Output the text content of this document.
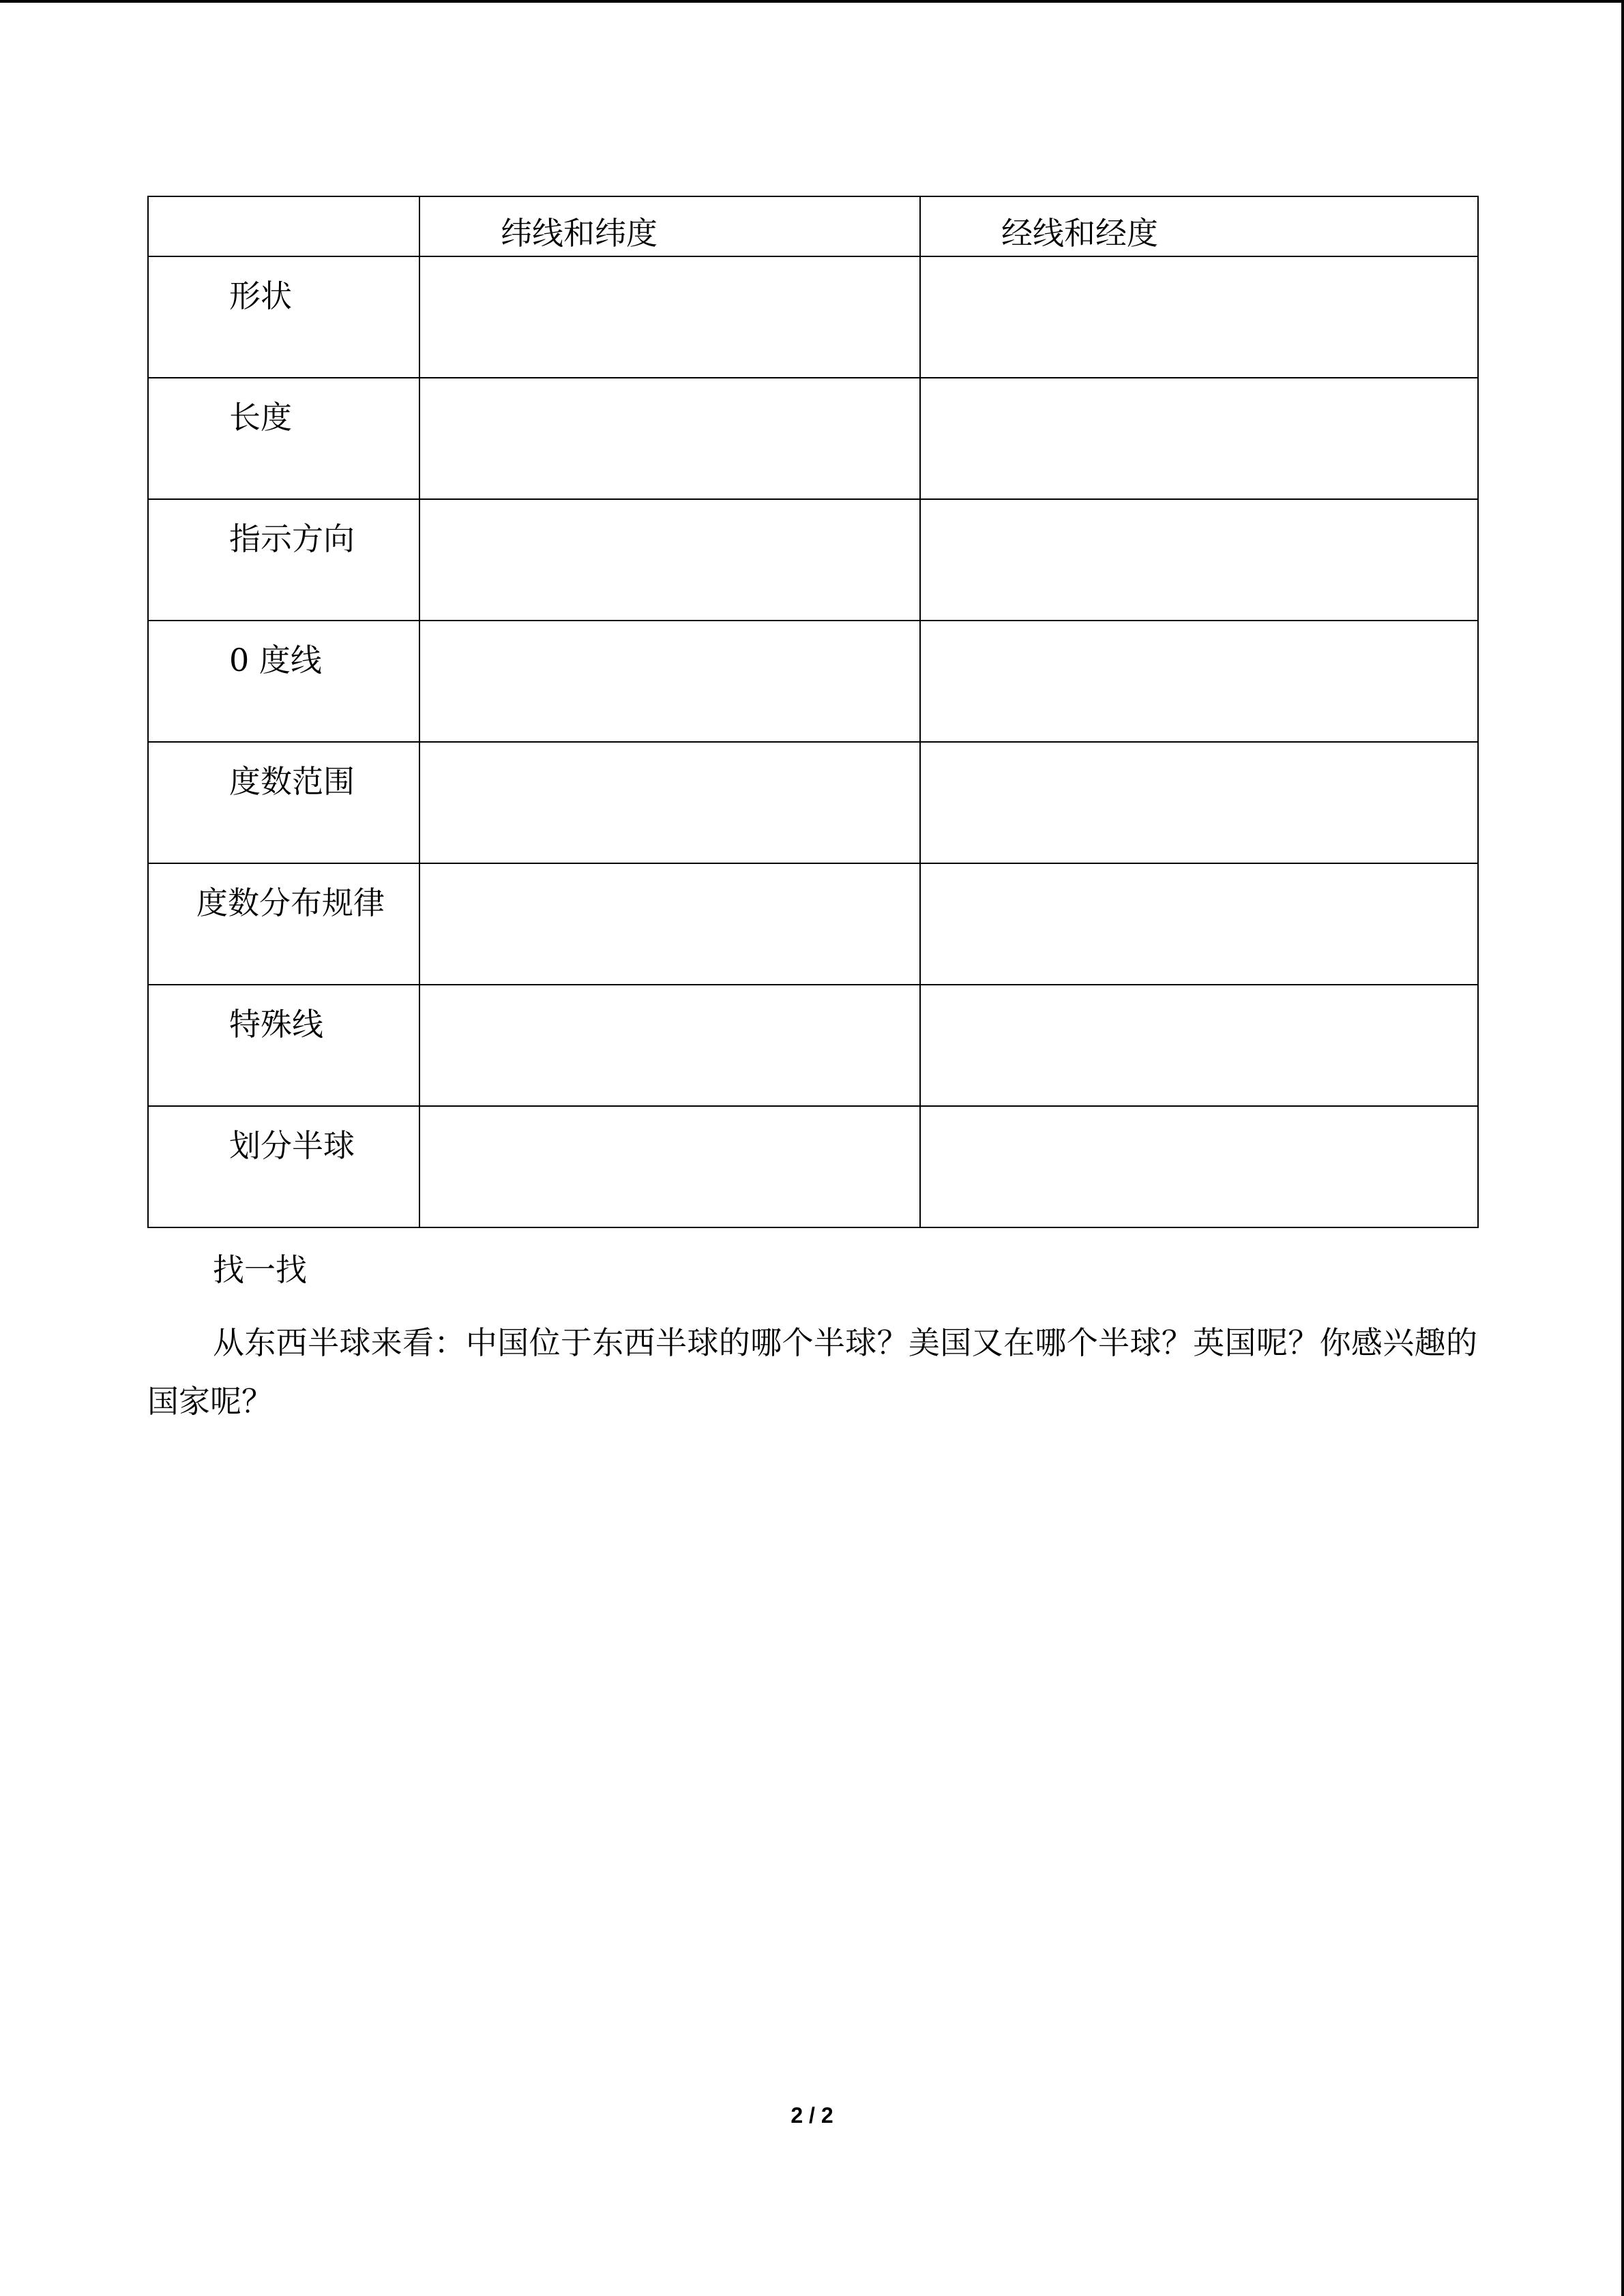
	纬线和纬度	经线和经度

形状		

长度		

指示方向		

0 度线		

度数范围		

度数分布规律		

特殊线		

划分半球		

找一找
从东西半球来看：中国位于东西半球的哪个半球？美国又在哪个半球？英国呢？你感兴趣的国家呢？
2 / 2
